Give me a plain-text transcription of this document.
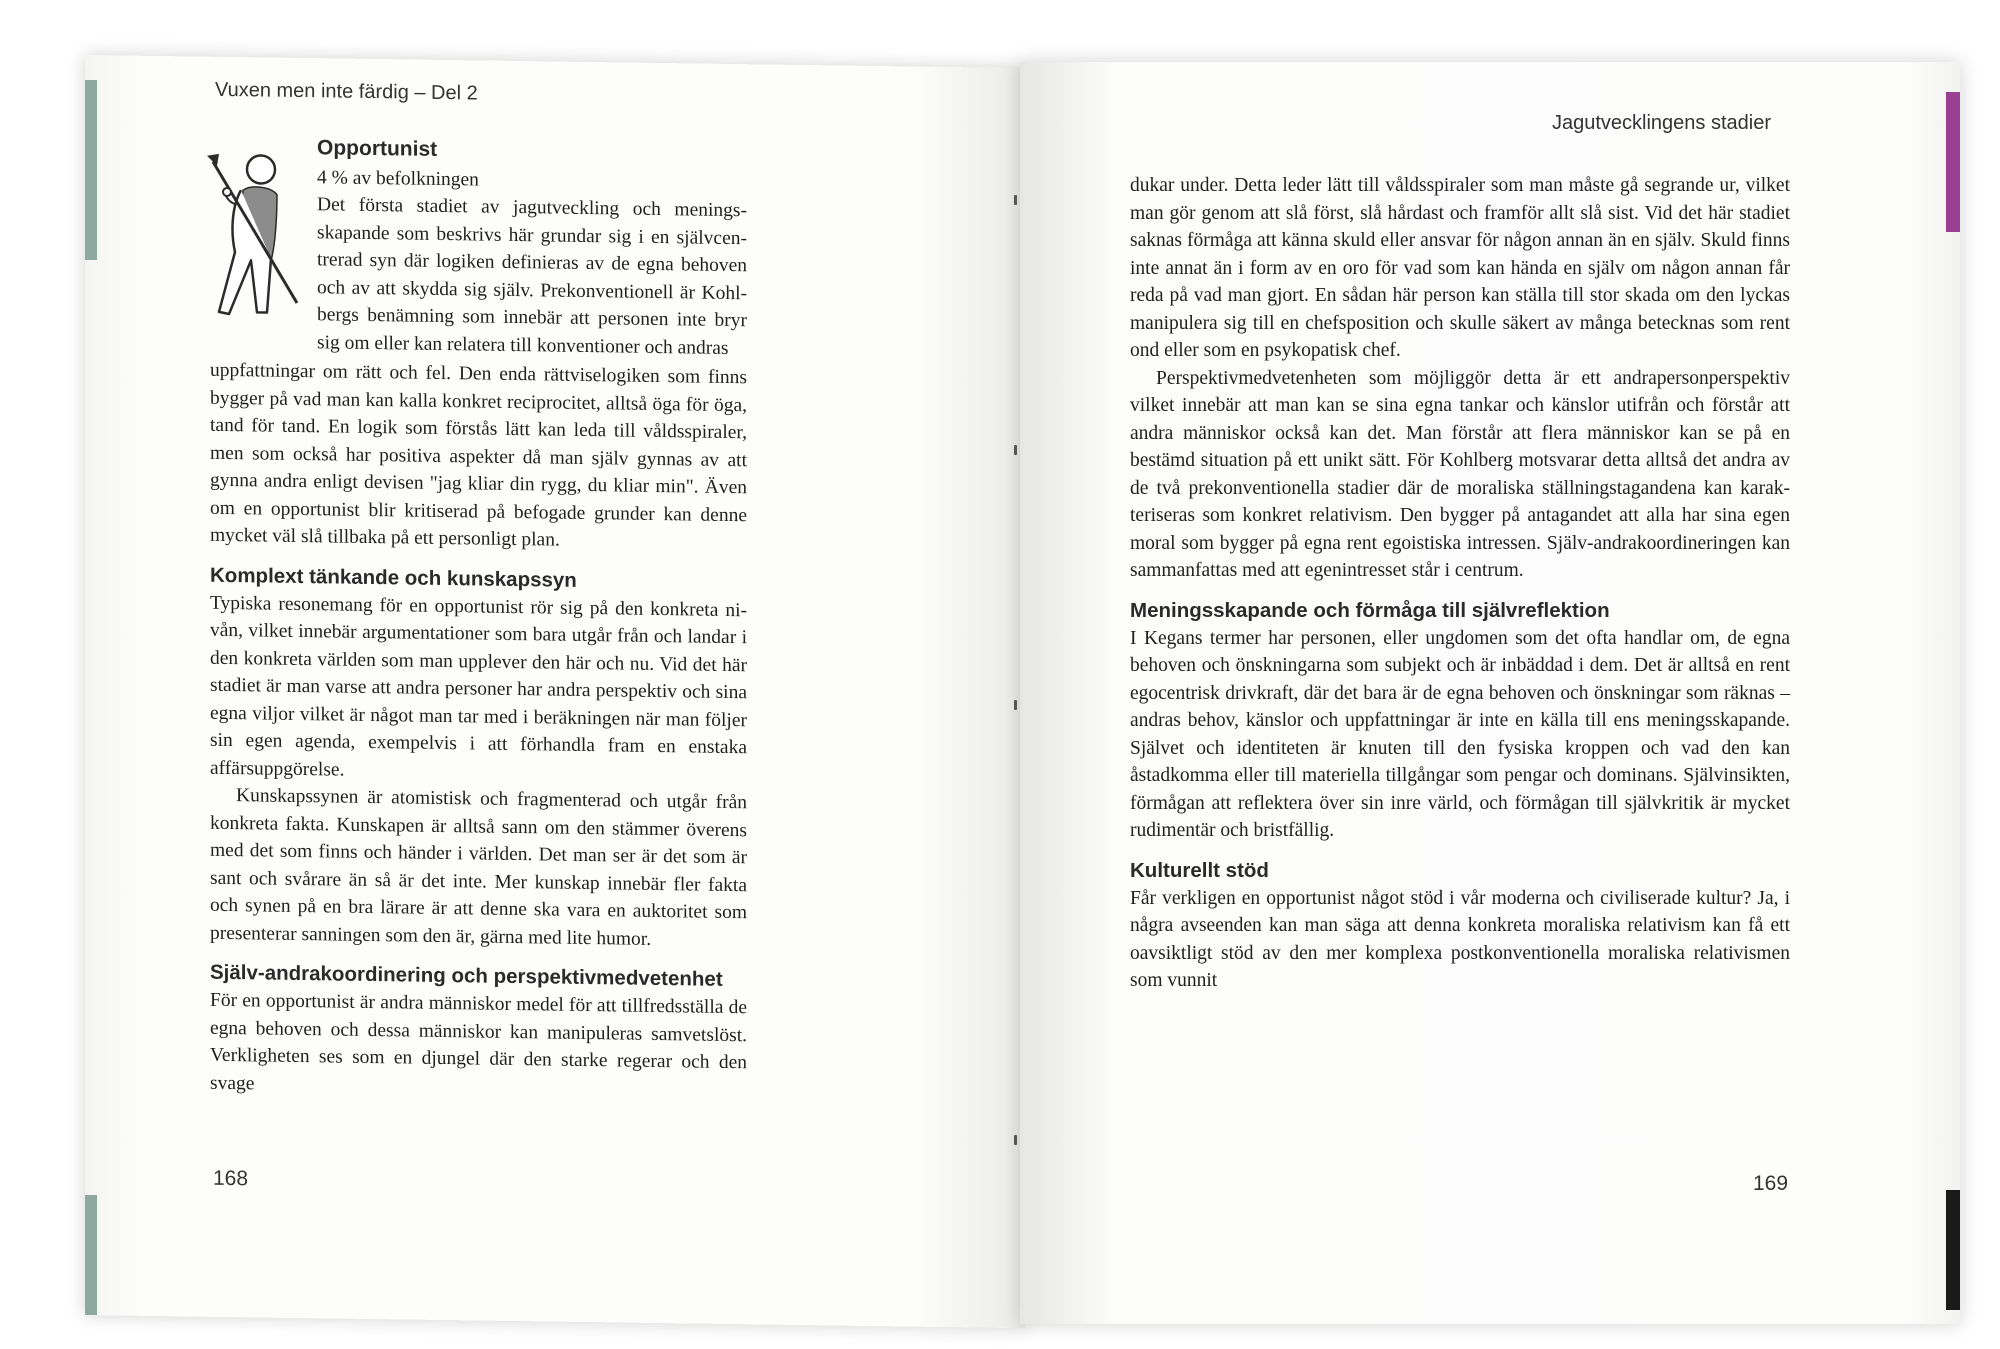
Vuxen men inte färdig – Del 2
Opportunist

4 % av befolkningen

Det första stadiet av jagutveckling och meningsskapande som beskrivs här grundar sig i en självcentrerad syn där logiken definieras av de egna behoven och av att skydda sig själv. Prekonventionell är Kohlbergs benämning som innebär att personen inte bryr sig om eller kan relatera till konventioner och andras

uppfattningar om rätt och fel. Den enda rättviselogiken som finns bygger på vad man kan kalla konkret reciprocitet, alltså öga för öga, tand för tand. En logik som förstås lätt kan leda till våldsspiraler, men som också har positiva aspekter då man själv gynnas av att gynna andra enligt devisen "jag kliar din rygg, du kliar min". Även om en opportunist blir kritiserad på befogade grunder kan denne mycket väl slå tillbaka på ett personligt plan.

Komplext tänkande och kunskapssyn

Typiska resonemang för en opportunist rör sig på den konkreta nivån, vilket innebär argumentationer som bara utgår från och landar i den konkreta världen som man upplever den här och nu. Vid det här stadiet är man varse att andra personer har andra perspektiv och sina egna viljor vilket är något man tar med i beräkningen när man följer sin egen agenda, exempelvis i att förhandla fram en enstaka affärsuppgörelse.

Kunskapssynen är atomistisk och fragmenterad och utgår från konkreta fakta. Kunskapen är alltså sann om den stämmer överens med det som finns och händer i världen. Det man ser är det som är sant och svårare än så är det inte. Mer kunskap innebär fler fakta och synen på en bra lärare är att denne ska vara en auktoritet som presenterar sanningen som den är, gärna med lite humor.

Själv-andrakoordinering och perspektivmedvetenhet

För en opportunist är andra människor medel för att tillfredsställa de egna behoven och dessa människor kan manipuleras samvetslöst. Verkligheten ses som en djungel där den starke regerar och den svage

168
Jagutvecklingens stadier

dukar under. Detta leder lätt till våldsspiraler som man måste gå segrande ur, vilket man gör genom att slå först, slå hårdast och framför allt slå sist. Vid det här stadiet saknas förmåga att känna skuld eller ansvar för någon annan än en själv. Skuld finns inte annat än i form av en oro för vad som kan hända en själv om någon annan får reda på vad man gjort. En sådan här person kan ställa till stor skada om den lyckas manipulera sig till en chefsposition och skulle säkert av många betecknas som rent ond eller som en psykopatisk chef.

Perspektivmedvetenheten som möjliggör detta är ett andrapersonperspektiv vilket innebär att man kan se sina egna tankar och känslor utifrån och förstår att andra människor också kan det. Man förstår att flera människor kan se på en bestämd situation på ett unikt sätt. För Kohlberg motsvarar detta alltså det andra av de två prekonventionella stadier där de moraliska ställningstagandena kan karakteriseras som konkret relativism. Den bygger på antagandet att alla har sina egen moral som bygger på egna rent egoistiska intressen. Själv-andrakoordineringen kan sammanfattas med att egenintresset står i centrum.

Meningsskapande och förmåga till självreflektion

I Kegans termer har personen, eller ungdomen som det ofta handlar om, de egna behoven och önskningarna som subjekt och är inbäddad i dem. Det är alltså en rent egocentrisk drivkraft, där det bara är de egna behoven och önskningar som räknas – andras behov, känslor och uppfattningar är inte en källa till ens meningsskapande. Självet och identiteten är knuten till den fysiska kroppen och vad den kan åstadkomma eller till materiella tillgångar som pengar och dominans. Självinsikten, förmågan att reflektera över sin inre värld, och förmågan till självkritik är mycket rudimentär och bristfällig.

Kulturellt stöd

Får verkligen en opportunist något stöd i vår moderna och civiliserade kultur? Ja, i några avseenden kan man säga att denna konkreta moraliska relativism kan få ett oavsiktligt stöd av den mer komplexa postkonventionella moraliska relativismen som vunnit

169
